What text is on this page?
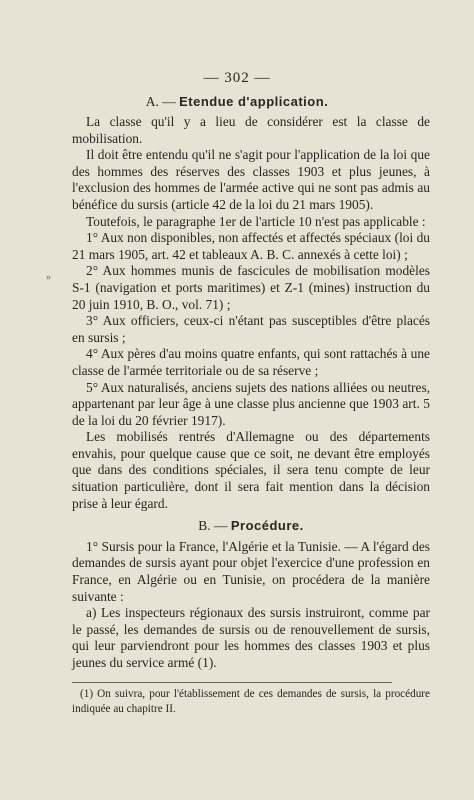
— 302 —
A. — Etendue d'application.
»

La classe qu'il y a lieu de considérer est la classe de mobilisation.

Il doit être entendu qu'il ne s'agit pour l'application de la loi que des hommes des réserves des classes 1903 et plus jeunes, à l'exclusion des hommes de l'armée active qui ne sont pas admis au bénéfice du sursis (article 42 de la loi du 21 mars 1905).

Toutefois, le paragraphe 1er de l'article 10 n'est pas applicable :

1° Aux non disponibles, non affectés et affectés spéciaux (loi du 21 mars 1905, art. 42 et tableaux A. B. C. annexés à cette loi) ;

2° Aux hommes munis de fascicules de mobilisation modèles S-1 (navigation et ports maritimes) et Z-1 (mines) instruction du 20 juin 1910, B. O., vol. 71) ;

3° Aux officiers, ceux-ci n'étant pas susceptibles d'être placés en sursis ;

4° Aux pères d'au moins quatre enfants, qui sont rattachés à une classe de l'armée territoriale ou de sa réserve ;

5° Aux naturalisés, anciens sujets des nations alliées ou neutres, appartenant par leur âge à une classe plus ancienne que 1903 art. 5 de la loi du 20 février 1917).

Les mobilisés rentrés d'Allemagne ou des départements envahis, pour quelque cause que ce soit, ne devant être employés que dans des conditions spéciales, il sera tenu compte de leur situation particulière, dont il sera fait mention dans la décision prise à leur égard.

B. — Procédure.

1° Sursis pour la France, l'Algérie et la Tunisie. — A l'égard des demandes de sursis ayant pour objet l'exercice d'une profession en France, en Algérie ou en Tunisie, on procédera de la manière suivante :

a) Les inspecteurs régionaux des sursis instruiront, comme par le passé, les demandes de sursis ou de renouvellement de sursis, qui leur parviendront pour les hommes des classes 1903 et plus jeunes du service armé (1).

(1) On suivra, pour l'établissement de ces demandes de sursis, la procédure indiquée au chapitre II.
